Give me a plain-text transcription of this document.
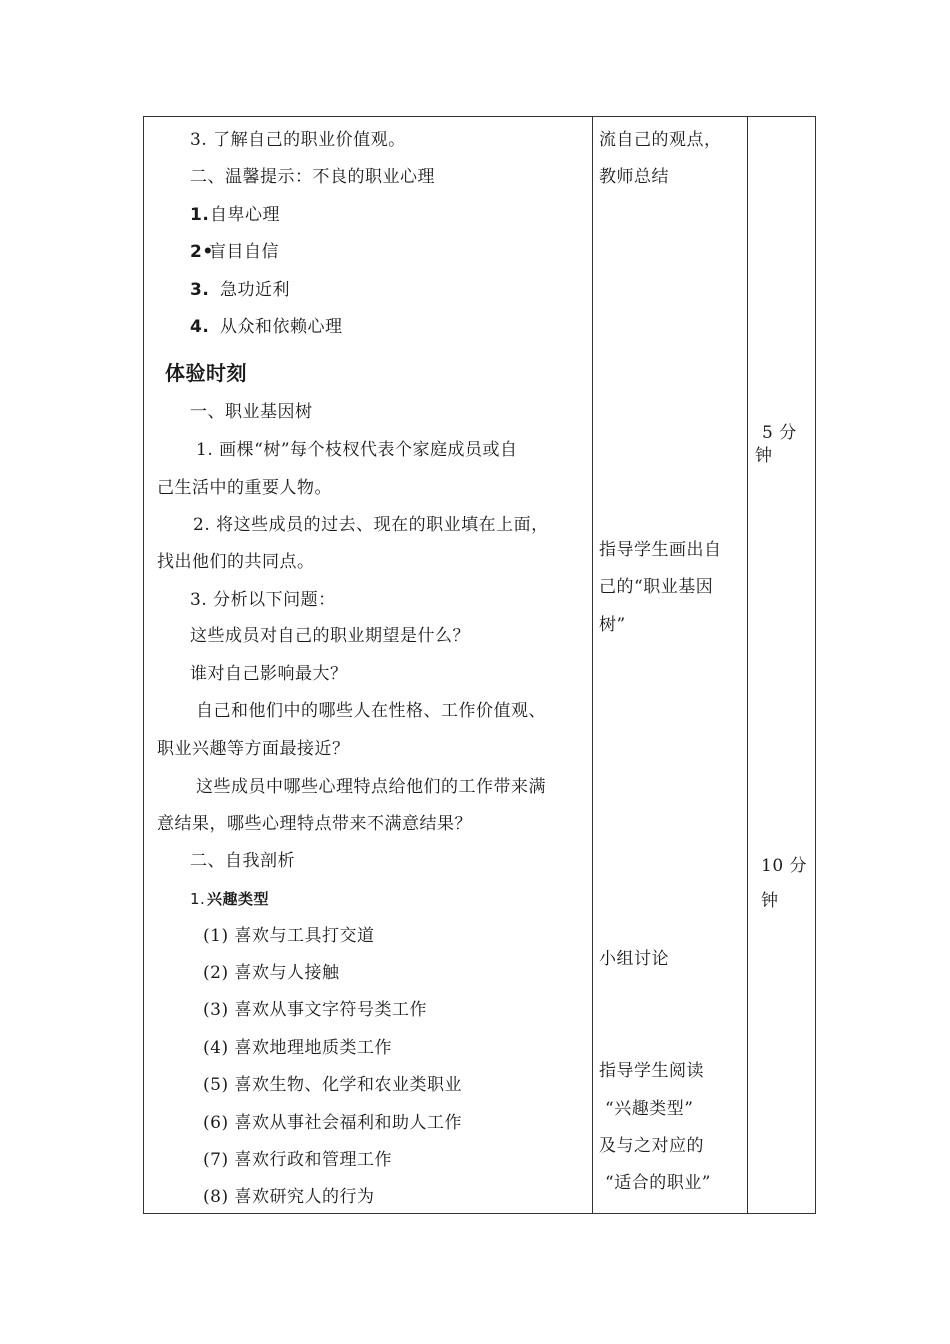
3. 了解自己的职业价值观。
二、温馨提示：不良的职业心理
1. 自卑心理
2•
盲目自信
3. 急功近利
4. 从众和依赖心理
体验时刻
一、职业基因树
1. 画棵“树”每个枝杈代表个家庭成员或自
己生活中的重要人物。
2. 将这些成员的过去、现在的职业填在上面，
找出他们的共同点。
3. 分析以下问题：
这些成员对自己的职业期望是什么？
谁对自己影响最大？
自己和他们中的哪些人在性格、工作价值观、
职业兴趣等方面最接近？
这些成员中哪些心理特点给他们的工作带来满
意结果，哪些心理特点带来不满意结果？
二、自我剖析
1. 兴趣类型
(1) 喜欢与工具打交道
(2) 喜欢与人接触
(3) 喜欢从事文字符号类工作
(4) 喜欢地理地质类工作
(5) 喜欢生物、化学和农业类职业
(6) 喜欢从事社会福利和助人工作
(7) 喜欢行政和管理工作
(8) 喜欢研究人的行为
流自己的观点，
教师总结
指导学生画出自
己的“职业基因
树”
小组讨论
指导学生阅读
“兴趣类型”
及与之对应的
“适合的职业”
5 分
钟
10 分
钟
